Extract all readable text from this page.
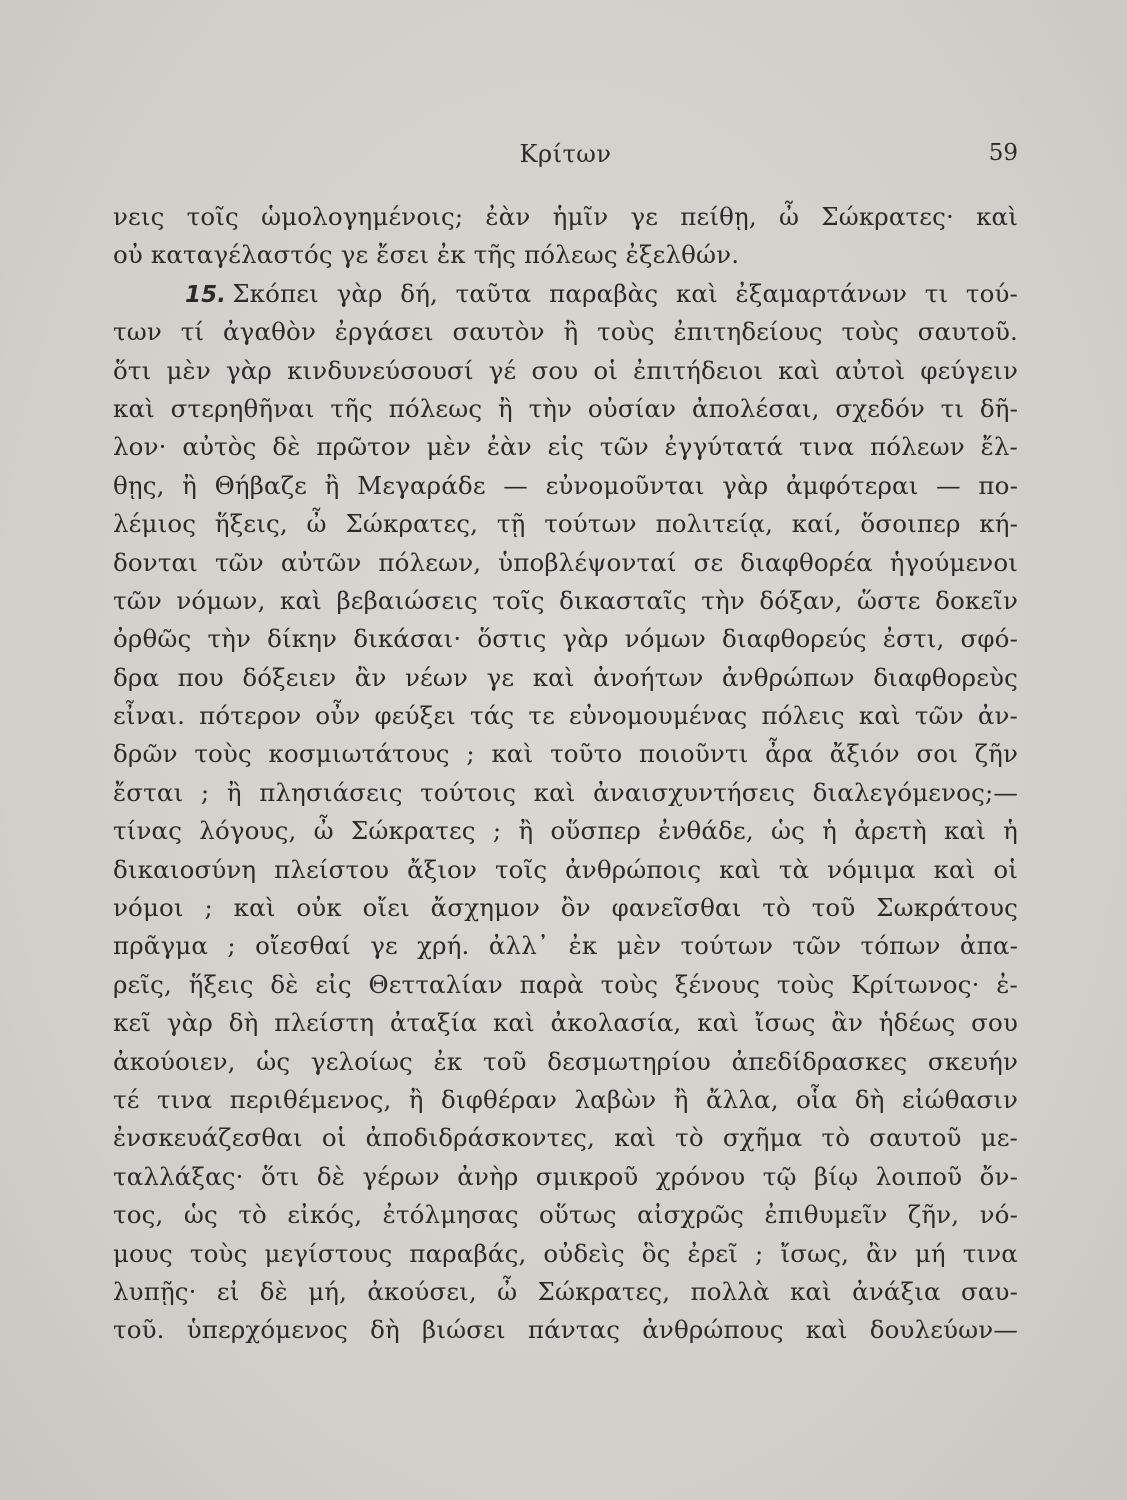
Κρίτων	59
νεις τοῖς ὡμολογημένοις; ἐὰν ἡμῖν γε πείθῃ, ὦ Σώκρατες· καὶ
οὐ καταγέλαστός γε ἔσει ἐκ τῆς πόλεως ἐξελθών.
15. Σκόπει γὰρ δή, ταῦτα παραβὰς καὶ ἐξαμαρτάνων τι τού-
των τί ἀγαθὸν ἐργάσει σαυτὸν ἢ τοὺς ἐπιτηδείους τοὺς σαυτοῦ.
ὅτι μὲν γὰρ κινδυνεύσουσί γέ σου οἱ ἐπιτήδειοι καὶ αὐτοὶ φεύγειν
καὶ στερηθῆναι τῆς πόλεως ἢ τὴν οὐσίαν ἀπολέσαι, σχεδόν τι δῆ-
λον· αὐτὸς δὲ πρῶτον μὲν ἐὰν εἰς τῶν ἐγγύτατά τινα πόλεων ἔλ-
θῃς, ἢ Θήβαζε ἢ Μεγαράδε — εὐνομοῦνται γὰρ ἀμφότεραι — πο-
λέμιος ἥξεις, ὦ Σώκρατες, τῇ τούτων πολιτείᾳ, καί, ὅσοιπερ κή-
δονται τῶν αὐτῶν πόλεων, ὑποβλέψονταί σε διαφθορέα ἡγούμενοι
τῶν νόμων, καὶ βεβαιώσεις τοῖς δικασταῖς τὴν δόξαν, ὥστε δοκεῖν
ὀρθῶς τὴν δίκην δικάσαι· ὅστις γὰρ νόμων διαφθορεύς ἐστι, σφό-
δρα που δόξειεν ἂν νέων γε καὶ ἀνοήτων ἀνθρώπων διαφθορεὺς
εἶναι. πότερον οὖν φεύξει τάς τε εὐνομουμένας πόλεις καὶ τῶν ἀν-
δρῶν τοὺς κοσμιωτάτους ; καὶ τοῦτο ποιοῦντι ἆρα ἄξιόν σοι ζῆν
ἔσται ; ἢ πλησιάσεις τούτοις καὶ ἀναισχυντήσεις διαλεγόμενος;—
τίνας λόγους, ὦ Σώκρατες ; ἢ οὕσπερ ἐνθάδε, ὡς ἡ ἀρετὴ καὶ ἡ
δικαιοσύνη πλείστου ἄξιον τοῖς ἀνθρώποις καὶ τὰ νόμιμα καὶ οἱ
νόμοι ; καὶ οὐκ οἴει ἄσχημον ὂν φανεῖσθαι τὸ τοῦ Σωκράτους
πρᾶγμα ; οἴεσθαί γε χρή. ἀλλ᾽ ἐκ μὲν τούτων τῶν τόπων ἀπα-
ρεῖς, ἥξεις δὲ εἰς Θετταλίαν παρὰ τοὺς ξένους τοὺς Κρίτωνος· ἐ-
κεῖ γὰρ δὴ πλείστη ἀταξία καὶ ἀκολασία, καὶ ἴσως ἂν ἡδέως σου
ἀκούοιεν, ὡς γελοίως ἐκ τοῦ δεσμωτηρίου ἀπεδίδρασκες σκευήν
τέ τινα περιθέμενος, ἢ διφθέραν λαβὼν ἢ ἄλλα, οἷα δὴ εἰώθασιν
ἐνσκευάζεσθαι οἱ ἀποδιδράσκοντες, καὶ τὸ σχῆμα τὸ σαυτοῦ με-
ταλλάξας· ὅτι δὲ γέρων ἀνὴρ σμικροῦ χρόνου τῷ βίῳ λοιποῦ ὄν-
τος, ὡς τὸ εἰκός, ἐτόλμησας οὕτως αἰσχρῶς ἐπιθυμεῖν ζῆν, νό-
μους τοὺς μεγίστους παραβάς, οὐδεὶς ὃς ἐρεῖ ; ἴσως, ἂν μή τινα
λυπῇς· εἰ δὲ μή, ἀκούσει, ὦ Σώκρατες, πολλὰ καὶ ἀνάξια σαυ-
τοῦ. ὑπερχόμενος δὴ βιώσει πάντας ἀνθρώπους καὶ δουλεύων—
